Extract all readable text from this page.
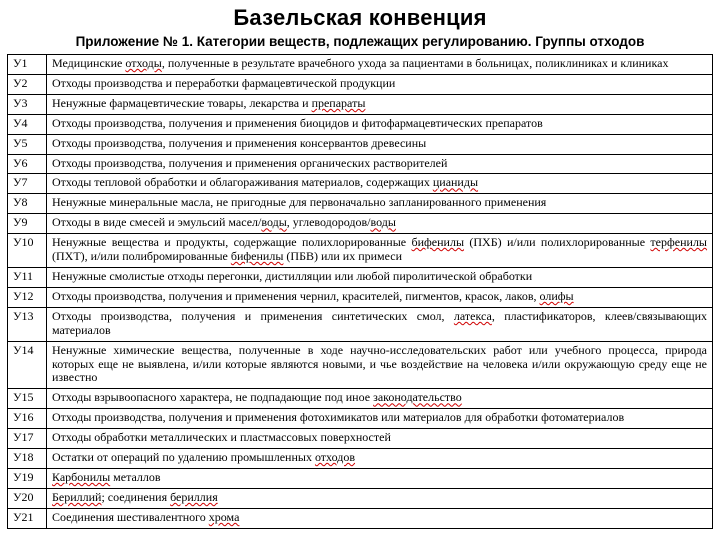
Базельская конвенция
Приложение № 1. Категории веществ, подлежащих регулированию. Группы отходов
У1	Медицинские отходы, полученные в результате врачебного ухода за пациентами в больницах, поликлиниках и клиниках
У2	Отходы производства и переработки фармацевтической продукции
У3	Ненужные фармацевтические товары, лекарства и препараты
У4	Отходы производства, получения и применения биоцидов и фитофармацевтических препаратов
У5	Отходы производства, получения и применения консервантов древесины
У6	Отходы производства, получения и применения органических растворителей
У7	Отходы тепловой обработки и облагораживания материалов, содержащих цианиды
У8	Ненужные минеральные масла, не пригодные для первоначально запланированного применения
У9	Отходы в виде смесей и эмульсий масел/воды, углеводородов/воды
У10	Ненужные вещества и продукты, содержащие полихлорированные бифенилы (ПХБ) и/или полихлорированные терфенилы (ПХТ), и/или полибромированные бифенилы (ПБВ) или их примеси
У11	Ненужные смолистые отходы перегонки, дистилляции или любой пиролитической обработки
У12	Отходы производства, получения и применения чернил, красителей, пигментов, красок, лаков, олифы
У13	Отходы производства, получения и применения синтетических смол, латекса, пластификаторов, клеев/связывающих материалов
У14	Ненужные химические вещества, полученные в ходе научно-исследовательских работ или учебного процесса, природа которых еще не выявлена, и/или которые являются новыми, и чье воздействие на человека и/или окружающую среду еще не известно
У15	Отходы взрывоопасного характера, не подпадающие под иное законодательство
У16	Отходы производства, получения и применения фотохимикатов или материалов для обработки фотоматериалов
У17	Отходы обработки металлических и пластмассовых поверхностей
У18	Остатки от операций по удалению промышленных отходов
У19	Карбонилы металлов
У20	Бериллий; соединения бериллия
У21	Соединения шестивалентного хрома
